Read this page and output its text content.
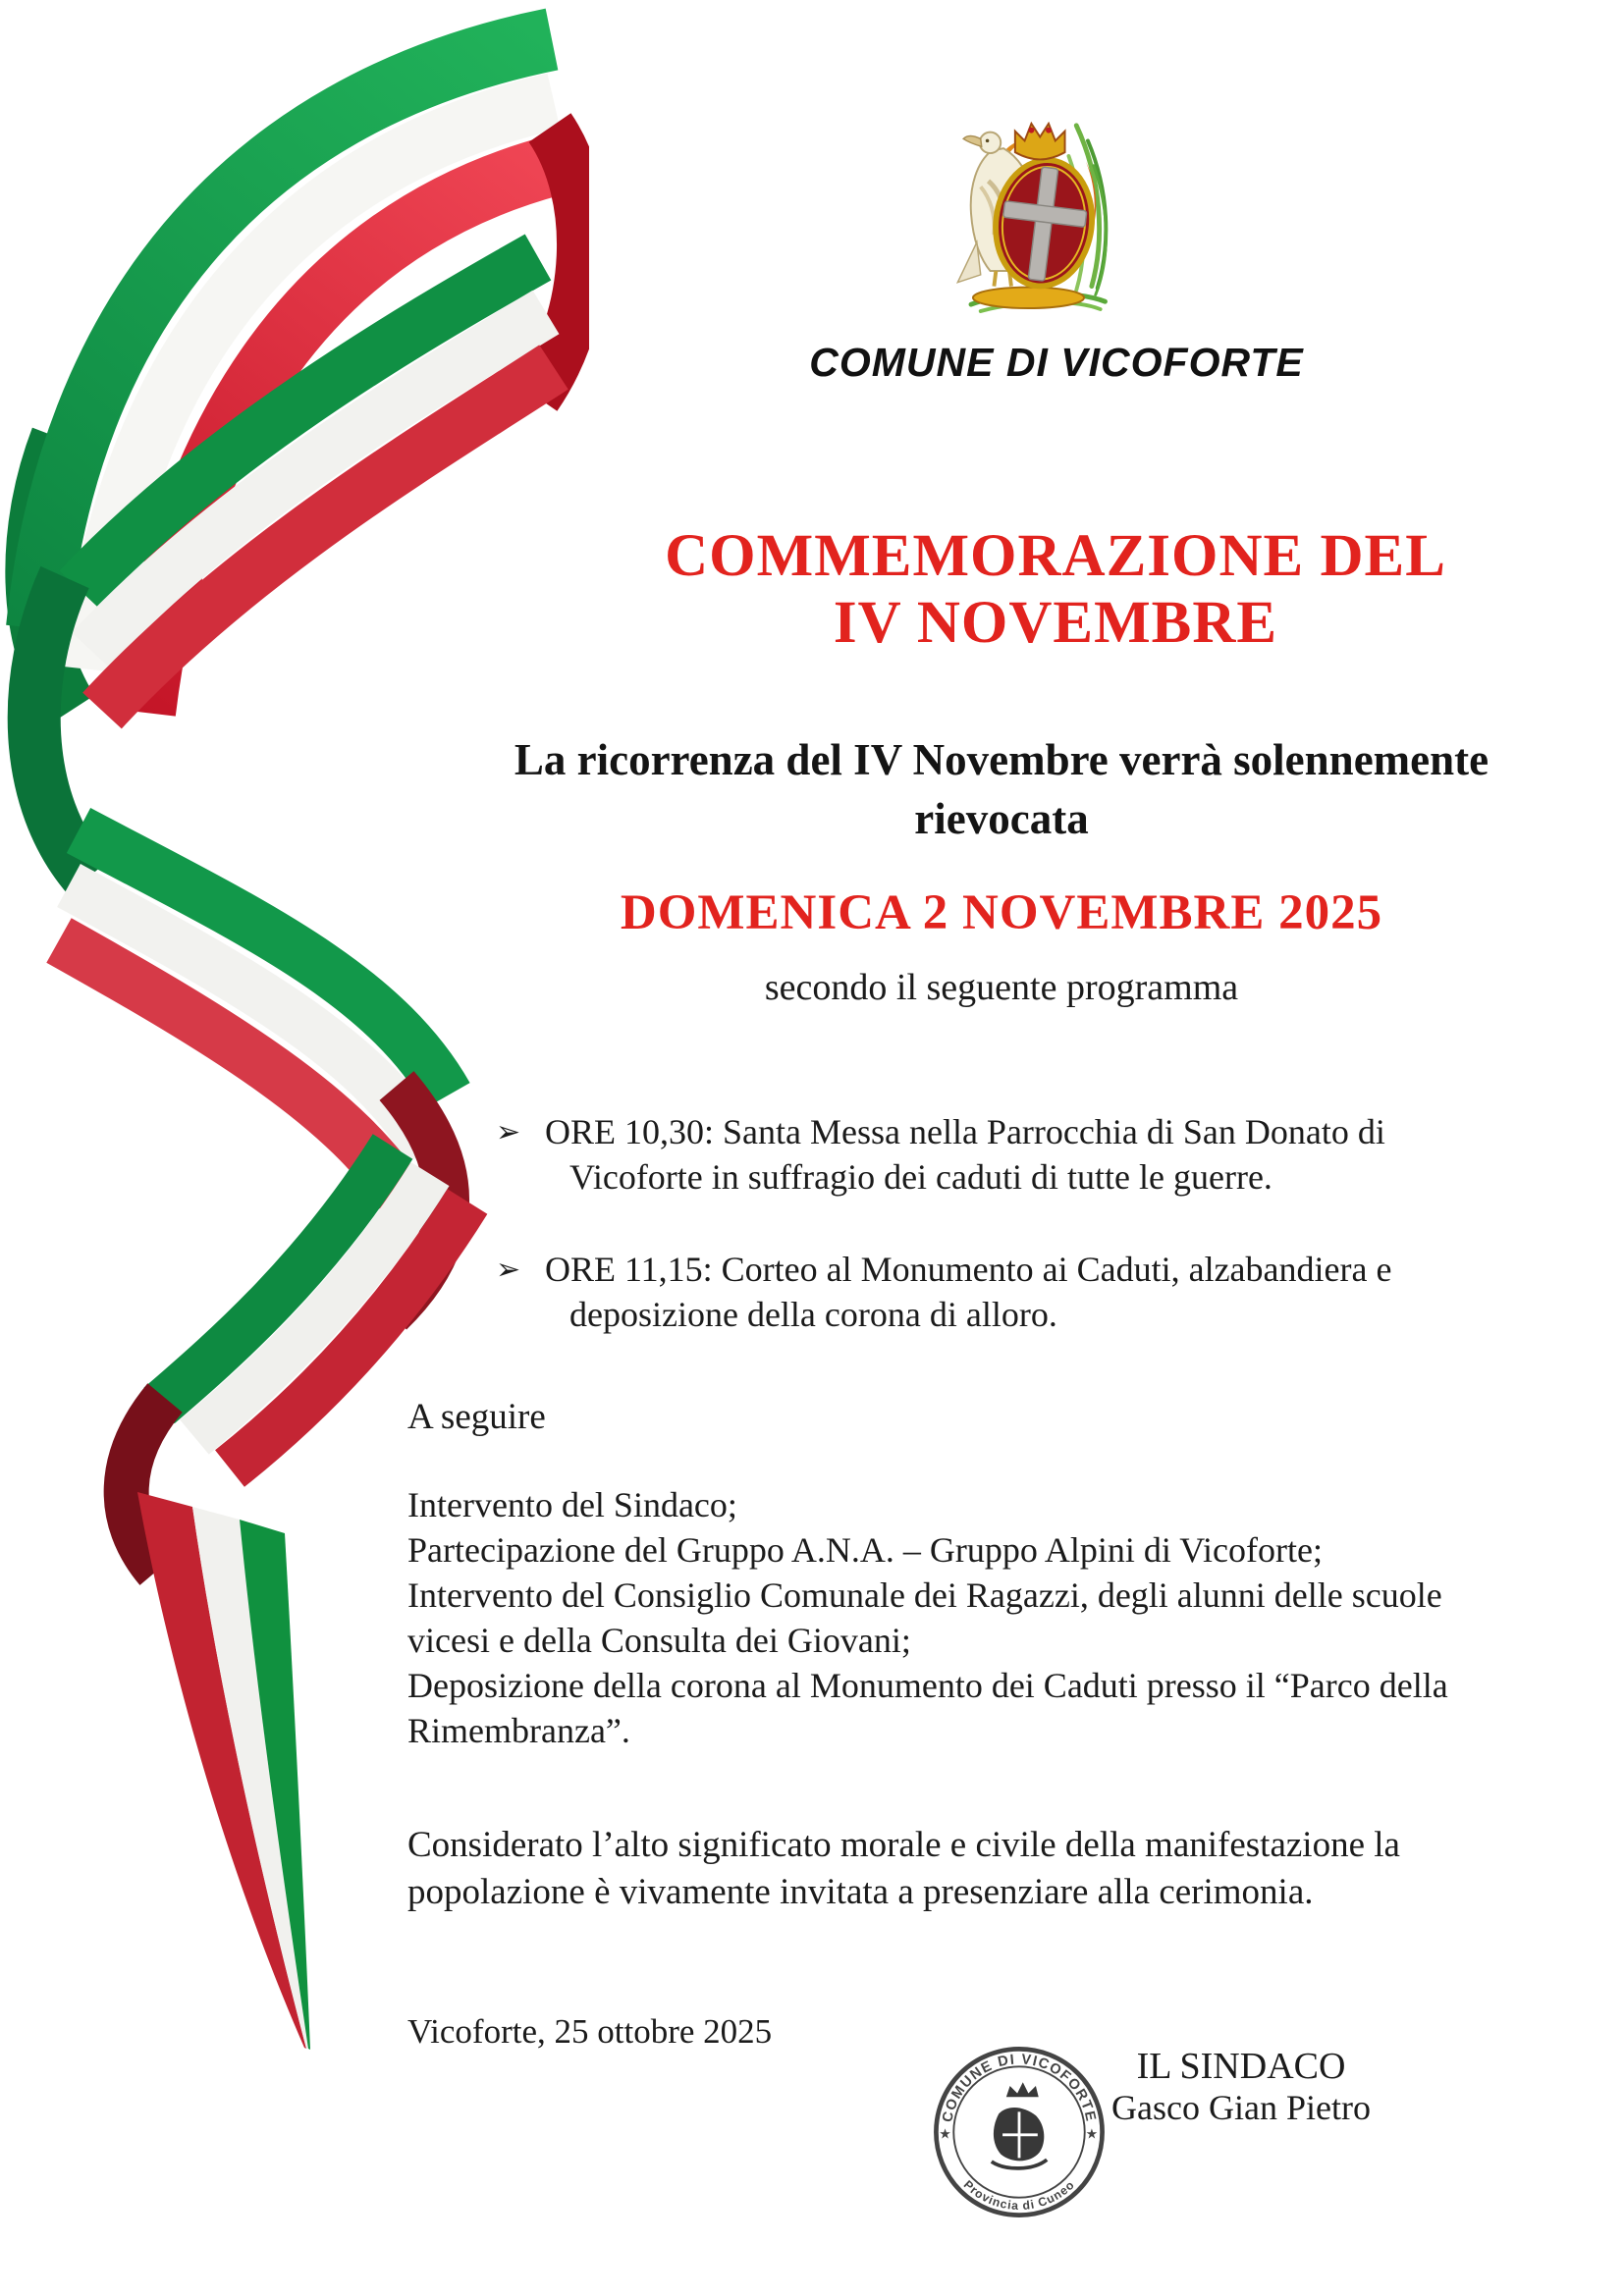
COMUNE DI VICOFORTE
COMMEMORAZIONE DEL
IV NOVEMBRE
La ricorrenza del IV Novembre verrà solennemente
rievocata
DOMENICA 2 NOVEMBRE 2025
secondo il seguente programma
➢ ORE 10,30: Santa Messa nella Parrocchia di San Donato di
Vicoforte in suffragio dei caduti di tutte le guerre.
➢ ORE 11,15: Corteo al Monumento ai Caduti, alzabandiera e
deposizione della corona di alloro.
A seguire
Intervento del Sindaco;
Partecipazione del Gruppo A.N.A. – Gruppo Alpini di Vicoforte;
Intervento del Consiglio Comunale dei Ragazzi, degli alunni delle scuole
vicesi e della Consulta dei Giovani;
Deposizione della corona al Monumento dei Caduti presso il “Parco della
Rimembranza”.
Considerato l’alto significato morale e civile della manifestazione la
popolazione è vivamente invitata a presenziare alla cerimonia.
Vicoforte, 25 ottobre 2025
COMUNE DI VICOFORTE
Provincia di Cuneo
★	★
IL SINDACO
Gasco Gian Pietro
